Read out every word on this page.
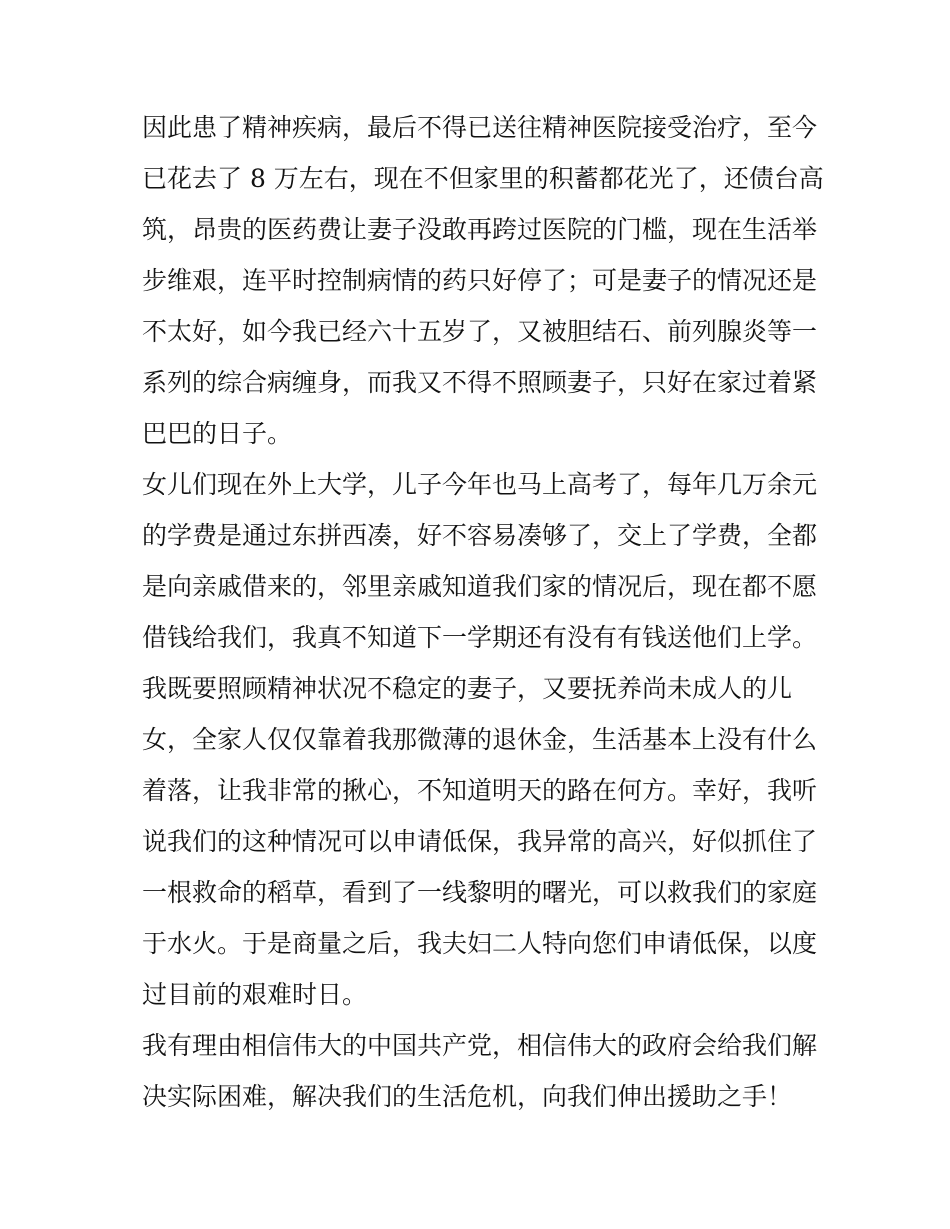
因此患了精神疾病，最后不得已送往精神医院接受治疗，至今
已花去了 8 万左右，现在不但家里的积蓄都花光了，还债台高
筑，昂贵的医药费让妻子没敢再跨过医院的门槛，现在生活举
步维艰，连平时控制病情的药只好停了；可是妻子的情况还是
不太好，如今我已经六十五岁了，又被胆结石、前列腺炎等一
系列的综合病缠身，而我又不得不照顾妻子，只好在家过着紧
巴巴的日子。
女儿们现在外上大学，儿子今年也马上高考了，每年几万余元
的学费是通过东拼西凑，好不容易凑够了，交上了学费，全都
是向亲戚借来的，邻里亲戚知道我们家的情况后，现在都不愿
借钱给我们，我真不知道下一学期还有没有有钱送他们上学。
我既要照顾精神状况不稳定的妻子，又要抚养尚未成人的儿
女，全家人仅仅靠着我那微薄的退休金，生活基本上没有什么
着落，让我非常的揪心，不知道明天的路在何方。幸好，我听
说我们的这种情况可以申请低保，我异常的高兴，好似抓住了
一根救命的稻草，看到了一线黎明的曙光，可以救我们的家庭
于水火。于是商量之后，我夫妇二人特向您们申请低保，以度
过目前的艰难时日。
我有理由相信伟大的中国共产党，相信伟大的政府会给我们解
决实际困难，解决我们的生活危机，向我们伸出援助之手！
